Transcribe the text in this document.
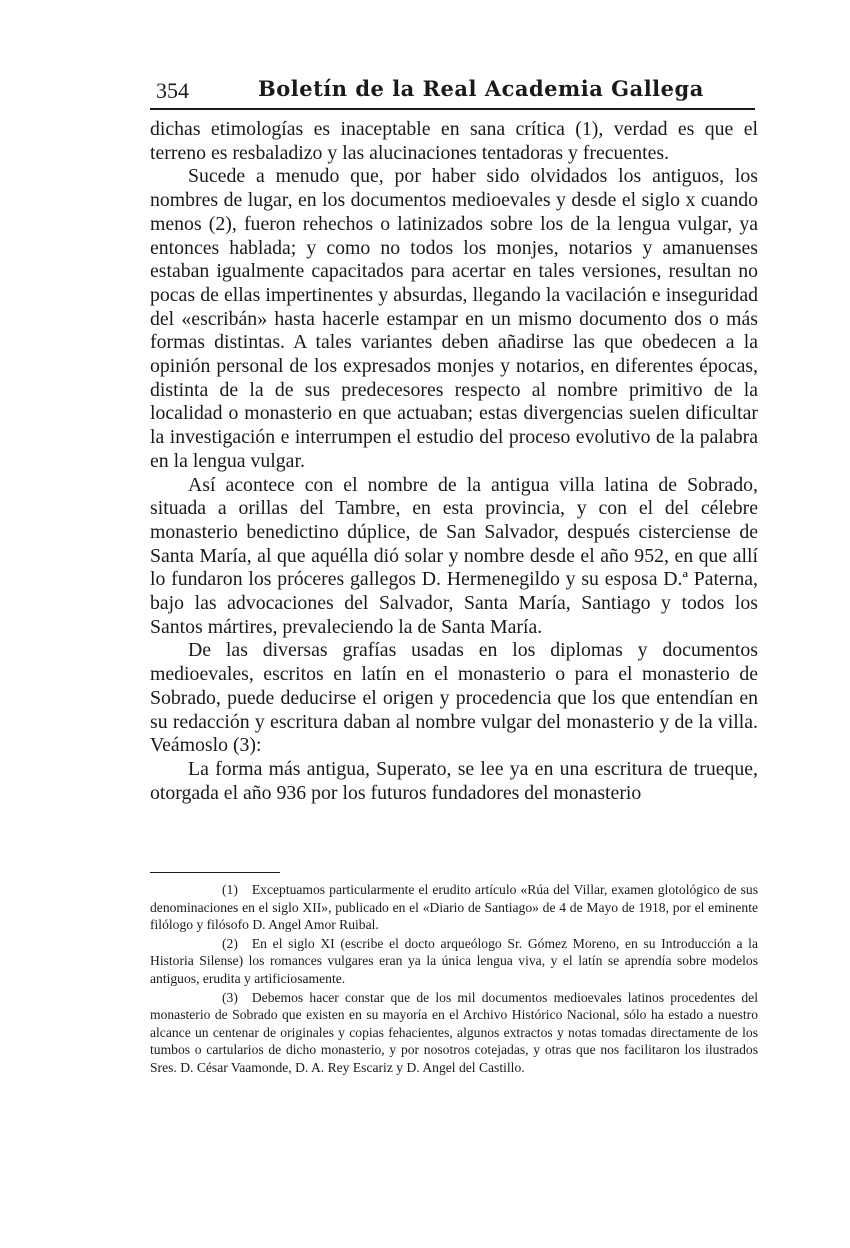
354	Boletín de la Real Academia Gallega

dichas etimologías es inaceptable en sana crítica (1), verdad es que el terreno es resbaladizo y las alucinaciones tentadoras y frecuentes.

Sucede a menudo que, por haber sido olvidados los antiguos, los nombres de lugar, en los documentos medioevales y desde el siglo x cuando menos (2), fueron rehechos o latinizados sobre los de la lengua vulgar, ya entonces hablada; y como no todos los monjes, notarios y amanuenses estaban igualmente capacitados para acertar en tales versiones, resultan no pocas de ellas impertinentes y absurdas, llegando la vacilación e inseguridad del «escribán» hasta hacerle estampar en un mismo documento dos o más formas distintas. A tales variantes deben añadirse las que obedecen a la opinión personal de los expresados monjes y notarios, en diferentes épocas, distinta de la de sus predecesores respecto al nombre primitivo de la localidad o monasterio en que actuaban; estas divergencias suelen dificultar la investigación e interrumpen el estudio del proceso evolutivo de la palabra en la lengua vulgar.

Así acontece con el nombre de la antigua villa latina de Sobrado, situada a orillas del Tambre, en esta provincia, y con el del célebre monasterio benedictino dúplice, de San Salvador, después cisterciense de Santa María, al que aquélla dió solar y nombre desde el año 952, en que allí lo fundaron los próceres gallegos D. Hermenegildo y su esposa D.ª Paterna, bajo las advocaciones del Salvador, Santa María, Santiago y todos los Santos mártires, prevaleciendo la de Santa María.

De las diversas grafías usadas en los diplomas y documentos medioevales, escritos en latín en el monasterio o para el monasterio de Sobrado, puede deducirse el origen y procedencia que los que entendían en su redacción y escritura daban al nombre vulgar del monasterio y de la villa. Veámoslo (3):

La forma más antigua, Superato, se lee ya en una escritura de trueque, otorgada el año 936 por los futuros fundadores del monasterio

(1) Exceptuamos particularmente el erudito artículo «Rúa del Villar, examen glotológico de sus denominaciones en el siglo XII», publicado en el «Diario de Santiago» de 4 de Mayo de 1918, por el eminente filólogo y filósofo D. Angel Amor Ruibal.

(2) En el siglo XI (escribe el docto arqueólogo Sr. Gómez Moreno, en su Introducción a la Historia Silense) los romances vulgares eran ya la única lengua viva, y el latín se aprendía sobre modelos antiguos, erudita y artificiosamente.

(3) Debemos hacer constar que de los mil documentos medioevales latinos procedentes del monasterio de Sobrado que existen en su mayoría en el Archivo Histórico Nacional, sólo ha estado a nuestro alcance un centenar de originales y copias fehacientes, algunos extractos y notas tomadas directamente de los tumbos o cartularios de dicho monasterio, y por nosotros cotejadas, y otras que nos facilitaron los ilustrados Sres. D. César Vaamonde, D. A. Rey Escariz y D. Angel del Castillo.
